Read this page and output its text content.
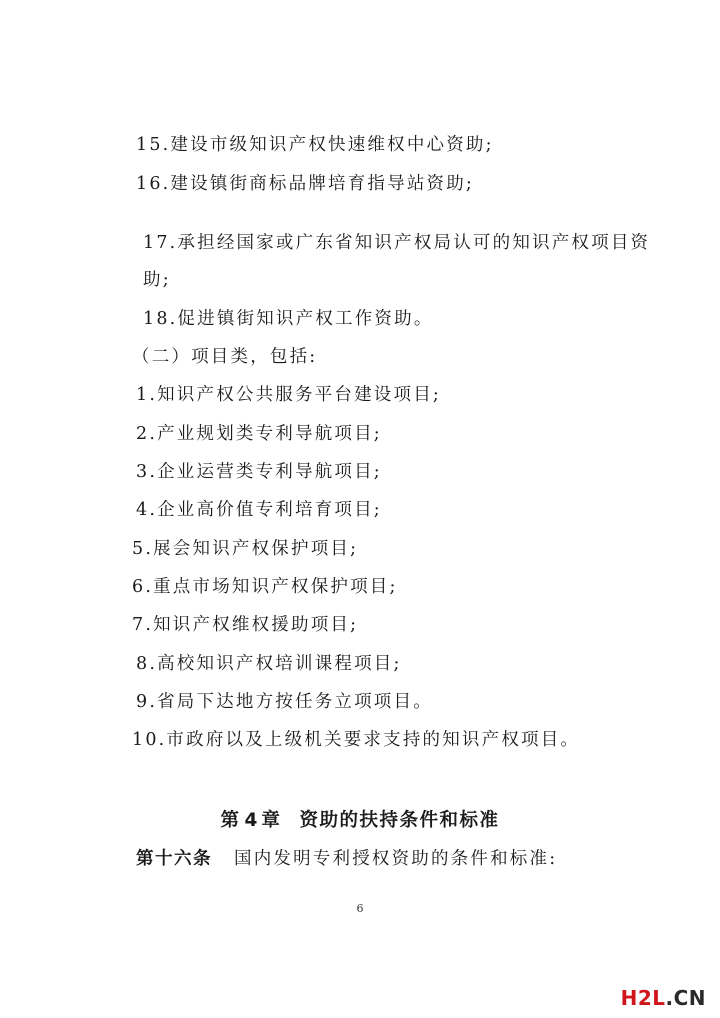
15.建设市级知识产权快速维权中心资助;
16.建设镇街商标品牌培育指导站资助;
17.承担经国家或广东省知识产权局认可的知识产权项目资
助;
18.促进镇街知识产权工作资助。
（二）项目类，包括:
1.知识产权公共服务平台建设项目;
2.产业规划类专利导航项目;
3.企业运营类专利导航项目;
4.企业高价值专利培育项目;
5.展会知识产权保护项目;
6.重点市场知识产权保护项目;
7.知识产权维权援助项目;
8.高校知识产权培训课程项目;
9.省局下达地方按任务立项项目。
10.市政府以及上级机关要求支持的知识产权项目。
第 4 章 资助的扶持条件和标准
第十六条 国内发明专利授权资助的条件和标准:
6
H2L.CN
